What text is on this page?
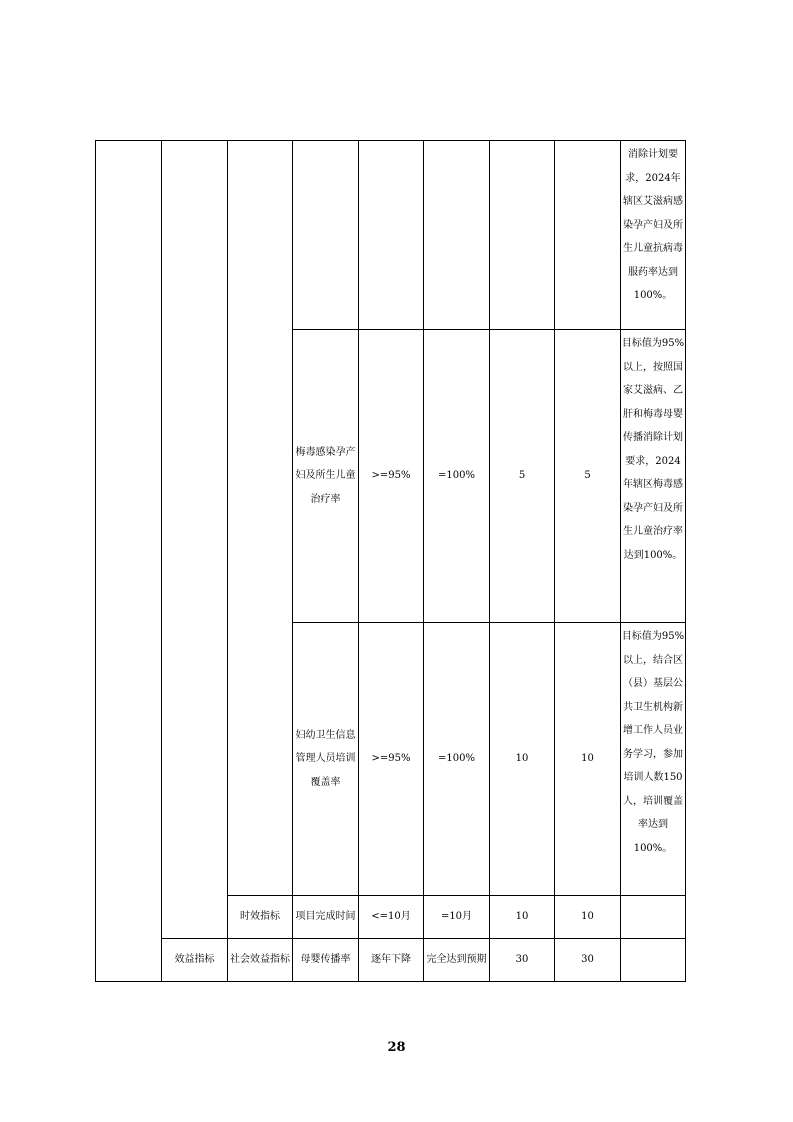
								消除计划要求，2024年辖区艾滋病感染孕产妇及所生儿童抗病毒服药率达到100%。
			梅毒感染孕产妇及所生儿童治疗率	>=95%	=100%	5	5	目标值为95%以上，按照国家艾滋病、乙肝和梅毒母婴传播消除计划要求，2024年辖区梅毒感染孕产妇及所生儿童治疗率达到100%。
			妇幼卫生信息管理人员培训覆盖率	>=95%	=100%	10	10	目标值为95%以上，结合区（县）基层公共卫生机构新增工作人员业务学习，参加培训人数150人，培训覆盖率达到100%。
		时效指标	项目完成时间	<=10月	=10月	10	10	
	效益指标	社会效益指标	母婴传播率	逐年下降	完全达到预期	30	30	
28
